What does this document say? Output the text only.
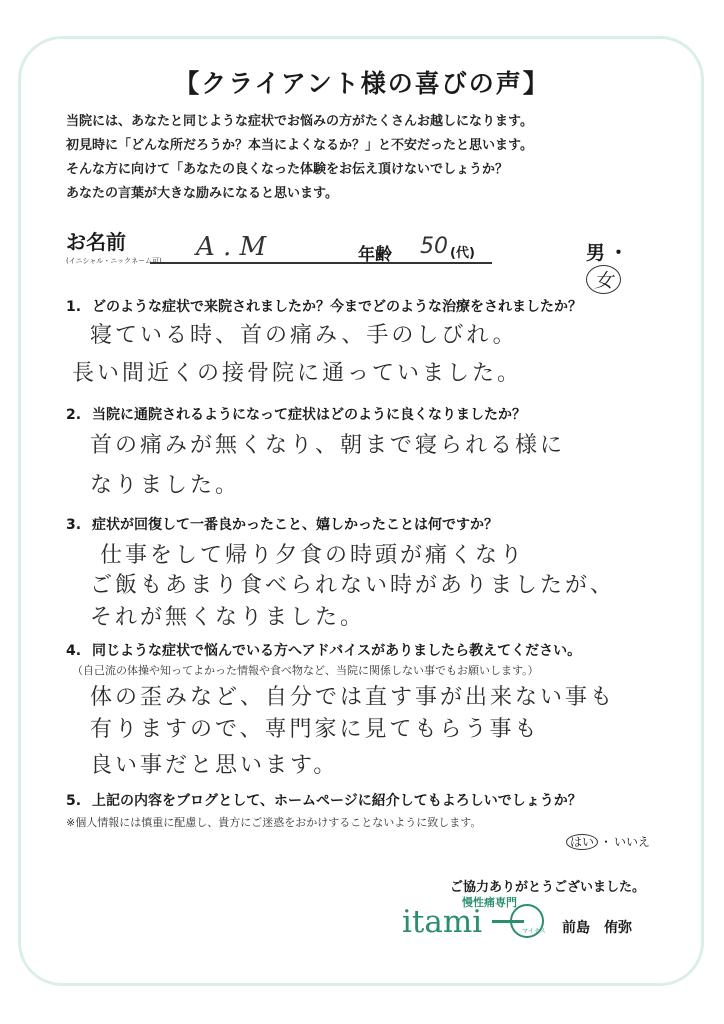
【クライアント様の喜びの声】
当院には、あなたと同じような症状でお悩みの方がたくさんお越しになります。
初見時に「どんな所だろうか？本当によくなるか？」と不安だったと思います。
そんな方に向けて「あなたの良くなった体験をお伝え頂けないでしょうか？
あなたの言葉が大きな励みになると思います。
お名前
(イニシャル・ニックネーム可) A . M	年齢 50 (代)	男 ・女
1. どのような症状で来院されましたか？今までどのような治療をされましたか？
寝ている時、首の痛み、手のしびれ。
長い間近くの接骨院に通っていました。
2. 当院に通院されるようになって症状はどのように良くなりましたか？
首の痛みが無くなり、朝まで寝られる様に
なりました。
3. 症状が回復して一番良かったこと、嬉しかったことは何ですか？
仕事をして帰り夕食の時頭が痛くなり
ご飯もあまり食べられない時がありましたが、
それが無くなりました。
4. 同じような症状で悩んでいる方へアドバイスがありましたら教えてください。
（自己流の体操や知ってよかった情報や食べ物など、当院に関係しない事でもお願いします。）
体の歪みなど、自分では直す事が出来ない事も
有りますので、専門家に見てもらう事も
良い事だと思います。
5. 上記の内容をブログとして、ホームページに紹介してもよろしいでしょうか？
※個人情報には慎重に配慮し、貴方にご迷惑をおかけすることないように致します。
はい ・ いいえ
ご協力ありがとうございました。
慢性痛専門
itami	マイナス 前島　侑弥
